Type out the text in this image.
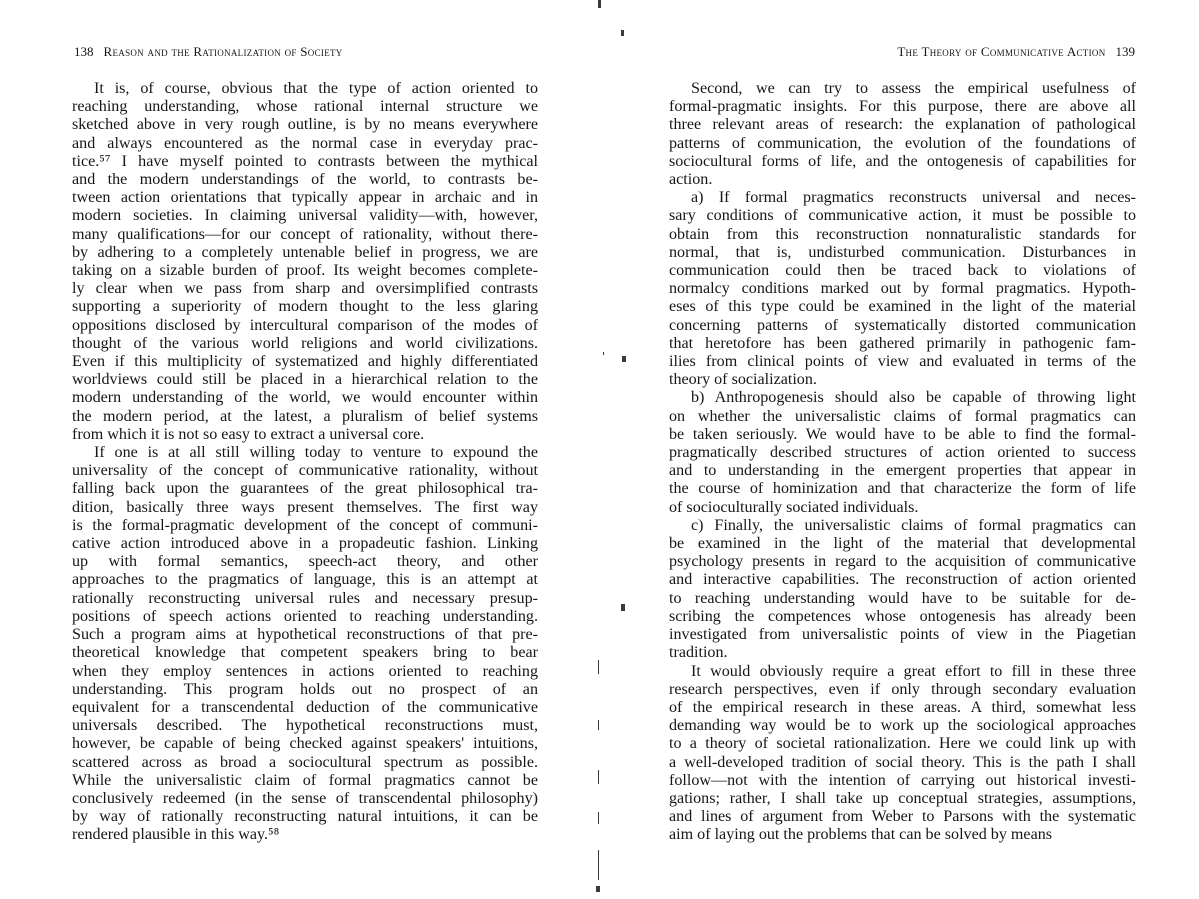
138 Reason and the Rationalization of Society
It is, of course, obvious that the type of action oriented to
reaching understanding, whose rational internal structure we
sketched above in very rough outline, is by no means everywhere
and always encountered as the normal case in everyday prac-
tice.⁵⁷ I have myself pointed to contrasts between the mythical
and the modern understandings of the world, to contrasts be-
tween action orientations that typically appear in archaic and in
modern societies. In claiming universal validity—with, however,
many qualifications—for our concept of rationality, without there-
by adhering to a completely untenable belief in progress, we are
taking on a sizable burden of proof. Its weight becomes complete-
ly clear when we pass from sharp and oversimplified contrasts
supporting a superiority of modern thought to the less glaring
oppositions disclosed by intercultural comparison of the modes of
thought of the various world religions and world civilizations.
Even if this multiplicity of systematized and highly differentiated
worldviews could still be placed in a hierarchical relation to the
modern understanding of the world, we would encounter within
the modern period, at the latest, a pluralism of belief systems
from which it is not so easy to extract a universal core.
If one is at all still willing today to venture to expound the
universality of the concept of communicative rationality, without
falling back upon the guarantees of the great philosophical tra-
dition, basically three ways present themselves. The first way
is the formal-pragmatic development of the concept of communi-
cative action introduced above in a propadeutic fashion. Linking
up with formal semantics, speech-act theory, and other
approaches to the pragmatics of language, this is an attempt at
rationally reconstructing universal rules and necessary presup-
positions of speech actions oriented to reaching understanding.
Such a program aims at hypothetical reconstructions of that pre-
theoretical knowledge that competent speakers bring to bear
when they employ sentences in actions oriented to reaching
understanding. This program holds out no prospect of an
equivalent for a transcendental deduction of the communicative
universals described. The hypothetical reconstructions must,
however, be capable of being checked against speakers' intuitions,
scattered across as broad a sociocultural spectrum as possible.
While the universalistic claim of formal pragmatics cannot be
conclusively redeemed (in the sense of transcendental philosophy)
by way of rationally reconstructing natural intuitions, it can be
rendered plausible in this way.⁵⁸
The Theory of Communicative Action 139
Second, we can try to assess the empirical usefulness of
formal-pragmatic insights. For this purpose, there are above all
three relevant areas of research: the explanation of pathological
patterns of communication, the evolution of the foundations of
sociocultural forms of life, and the ontogenesis of capabilities for
action.
a) If formal pragmatics reconstructs universal and neces-
sary conditions of communicative action, it must be possible to
obtain from this reconstruction nonnaturalistic standards for
normal, that is, undisturbed communication. Disturbances in
communication could then be traced back to violations of
normalcy conditions marked out by formal pragmatics. Hypoth-
eses of this type could be examined in the light of the material
concerning patterns of systematically distorted communication
that heretofore has been gathered primarily in pathogenic fam-
ilies from clinical points of view and evaluated in terms of the
theory of socialization.
b) Anthropogenesis should also be capable of throwing light
on whether the universalistic claims of formal pragmatics can
be taken seriously. We would have to be able to find the formal-
pragmatically described structures of action oriented to success
and to understanding in the emergent properties that appear in
the course of hominization and that characterize the form of life
of socioculturally sociated individuals.
c) Finally, the universalistic claims of formal pragmatics can
be examined in the light of the material that developmental
psychology presents in regard to the acquisition of communicative
and interactive capabilities. The reconstruction of action oriented
to reaching understanding would have to be suitable for de-
scribing the competences whose ontogenesis has already been
investigated from universalistic points of view in the Piagetian
tradition.
It would obviously require a great effort to fill in these three
research perspectives, even if only through secondary evaluation
of the empirical research in these areas. A third, somewhat less
demanding way would be to work up the sociological approaches
to a theory of societal rationalization. Here we could link up with
a well-developed tradition of social theory. This is the path I shall
follow—not with the intention of carrying out historical investi-
gations; rather, I shall take up conceptual strategies, assumptions,
and lines of argument from Weber to Parsons with the systematic
aim of laying out the problems that can be solved by means
